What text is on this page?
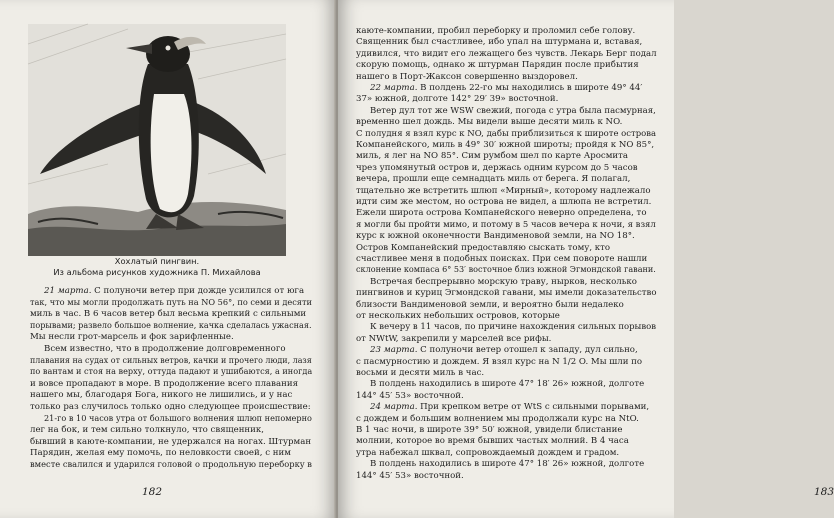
Хохлатый пингвин.
Из альбома рисунков художника П. Михайлова
21 марта. С полуночи ветер при дожде усилился от юга
так, что мы могли продолжать путь на NO 56°, по семи и десяти
миль в час. В 6 часов ветер был весьма крепкий с сильными
порывами; развело большое волнение, качка сделалась ужасная.
Мы несли грот-марсель и фок зарифленные.
Всем известно, что в продолжение долговременного
плавания на судах от сильных ветров, качки и прочего люди, лазя
по вантам и стоя на верху, оттуда падают и ушибаются, а иногда
и вовсе пропадают в море. В продолжение всего плавания
нашего мы, благодаря Бога, никого не лишились, и у нас
только раз случилось только одно следующее происшествие:
21-го в 10 часов утра от большого волнения шлюп непомерно
лег на бок, и тем сильно толкнуло, что священник,
бывший в каюте-компании, не удержался на ногах. Штурман
Парядин, желая ему помочь, по неловкости своей, с ним
вместе свалился и ударился головой о продольную переборку в
182
каюте-компании, пробил переборку и проломил себе голову.
Священник был счастливее, ибо упал на штурмана и, вставая,
удивился, что видит его лежащего без чувств. Лекарь Берг подал
скорую помощь, однако ж штурман Парядин после прибытия
нашего в Порт-Жаксон совершенно выздоровел.
22 марта. В полдень 22-го мы находились в широте 49° 44′
37» южной, долготе 142° 29′ 39» восточной.
Ветер дул тот же WSW свежий, погода с утра была пасмурная,
временно шел дождь. Мы видели выше десяти миль к NO.
С полудня я взял курс к NO, дабы приблизиться к широте острова
Компанейского, миль в 49° 30′ южной широты; пройдя к NO 85°,
миль, я лег на NO 85°. Сим румбом шел по карте Аросмита
чрез упомянутый остров и, держась одним курсом до 5 часов
вечера, прошли еще семнадцать миль от берега. Я полагал,
тщательно же встретить шлюп «Мирный», которому надлежало
идти сим же местом, но острова не видел, а шлюпа не встретил.
Ежели широта острова Компанейского неверно определена, то
я могли бы пройти мимо, и потому в 5 часов вечера к ночи, я взял
курс к южной оконечности Вандименовой земли, на NO 18°.
Остров Компанейский предоставляю сыскать тому, кто
счастливее меня в подобных поисках. При сем повороте нашли
склонение компаса 6° 53′ восточное близ южной Эгмондской гавани.
Встречая беспрерывно морскую траву, нырков, несколько
пингвинов и куриц Эгмондской гавани, мы имели доказательство
близости Вандименовой земли, и вероятно были недалеко
от нескольких небольших островов, которые
К вечеру в 11 часов, по причине нахождения сильных порывов
от NWtW, закрепили у марселей все рифы.
23 марта. С полуночи ветер отошел к западу, дул сильно,
с пасмурностию и дождем. Я взял курс на N 1/2 O. Мы шли по
восьми и десяти миль в час.
В полдень находились в широте 47° 18′ 26» южной, долготе
144° 45′ 53» восточной.
24 марта. При крепком ветре от WtS с сильными порывами,
с дождем и большим волнением мы продолжали курс на NtO.
В 1 час ночи, в широте 39° 50′ южной, увидели блистание
молнии, которое во время бывших частых молний. В 4 часа
утра набежал шквал, сопровождаемый дождем и градом.
В полдень находились в широте 47° 18′ 26» южной, долготе
144° 45′ 53» восточной.
183
